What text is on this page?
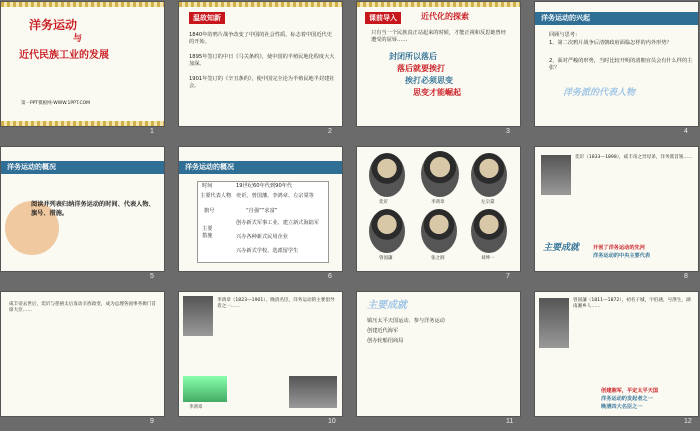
洋务运动
与
近代民族工业的发展
第一PPT模板网-WWW.1PPT.COM
1
温故知新
1840年的鸦片战争改变了中国的社会性质，标志着中国近代史的开始。
1895年签订的中日《马关条约》，使中国的半殖民地化程度大大加深。
1901年签订的《辛丑条约》，使中国完全沦为半殖民地半封建社会。
2
课前导入	近代化的探索
只有当一个民族真正站起来的时候，才能正视和反思她曾经遭受的屈辱……
封闭所以落后
落后就要挨打
挨打必须思变
思变才能崛起
3
洋务运动的兴起
回顾与思考：
1、第二次鸦片战争后清朝政府面临怎样的内外形势？
2、面对严峻的形势，当时比较开明的清朝官员会有什么样的主张？
洋务派的代表人物
4
洋务运动的概况
阅读并列表归纳洋务运动的时间、代表人物、旗号、措施。
5
洋务运动的概况
时间	19世纪60年代到90年代
主要代表人物 奕䜣、曾国藩、李鸿章、左宗棠等
旗号	“自强”“求富”
主要措施
创办新式军事工业、建立新式海陆军
兴办各种新式民用企业
兴办新式学校，选派留学生
6
奕䜣	李鸿章	左宗棠
曾国藩	张之洞	刘坤一
7
奕䜣（1833—1898），咸丰帝之异母弟，洋务派首领……
主要成就	开创了洋务运动的先河
洋务运动的中央主要代表
8
咸丰帝去世后，奕䜣与慈禧太后发动辛酉政变，成为总理各国事务衙门首席大臣……
9
李鸿章（1823—1901），晚清名臣，洋务运动的主要倡导者之一……
李鸿章
10
主要成就
镇压太平天国运动、参与洋务运动
创建近代海军
创办轮船招商局
11
曾国藩（1811—1872），初名子城，字伯涵，号涤生，湖南湘乡人……
创建湘军，平定太平天国
洋务运动的发起者之一
晚清四大名臣之一
12
